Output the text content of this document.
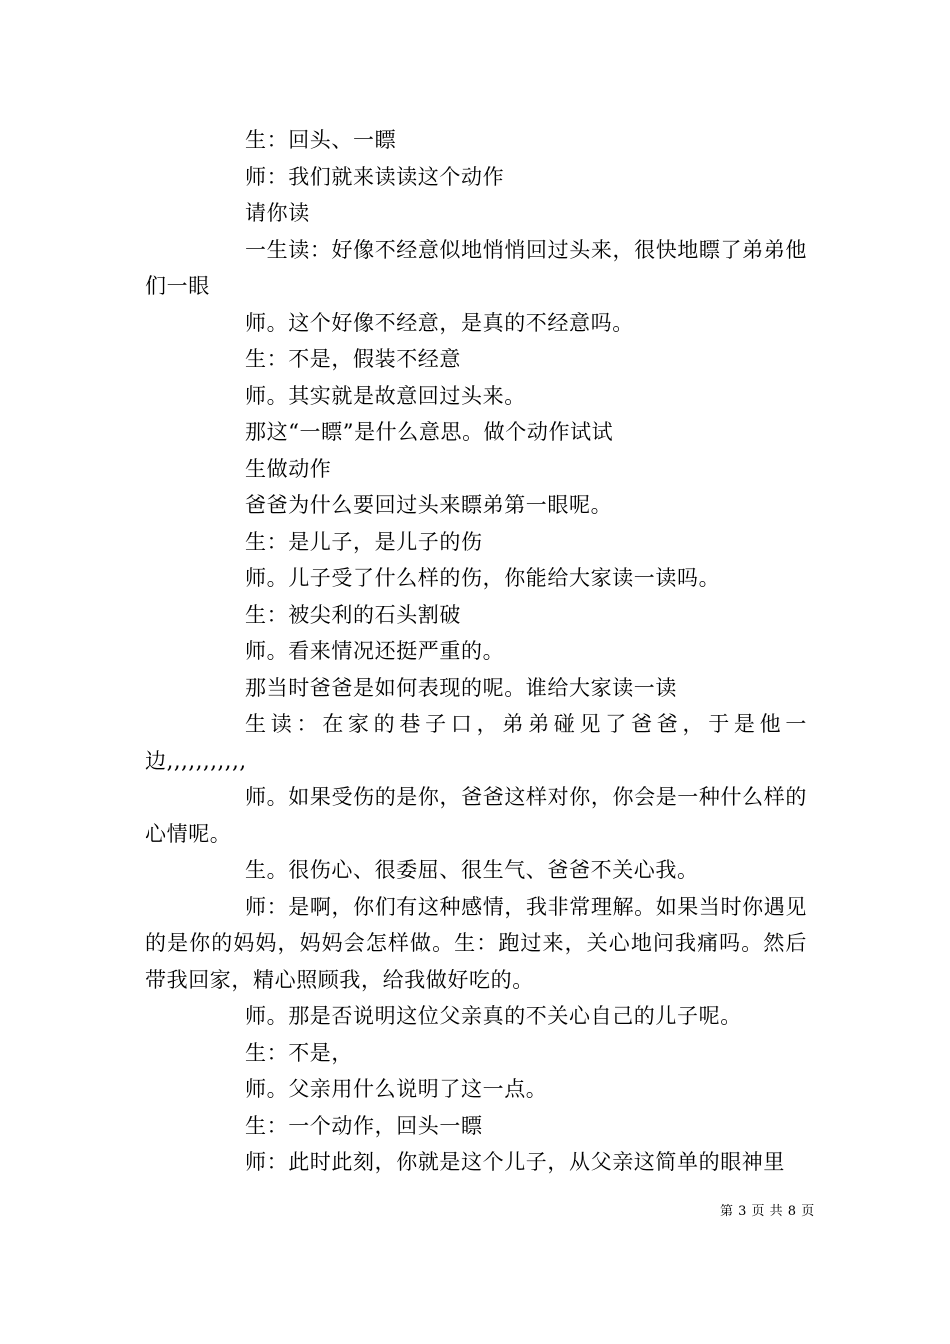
生：回头、一瞟

师：我们就来读读这个动作

请你读

一生读：好像不经意似地悄悄回过头来，很快地瞟了弟弟他们一眼

师。这个好像不经意，是真的不经意吗。

生：不是，假装不经意

师。其实就是故意回过头来。

那这“一瞟”是什么意思。做个动作试试

生做动作

爸爸为什么要回过头来瞟弟第一眼呢。

生：是儿子，是儿子的伤

师。儿子受了什么样的伤，你能给大家读一读吗。

生：被尖利的石头割破

师。看来情况还挺严重的。

那当时爸爸是如何表现的呢。谁给大家读一读

生读：在家的巷子口，弟弟碰见了爸爸，于是他一边,,,,,,,,,,,

师。如果受伤的是你，爸爸这样对你，你会是一种什么样的心情呢。

生。很伤心、很委屈、很生气、爸爸不关心我。

师：是啊，你们有这种感情，我非常理解。如果当时你遇见的是你的妈妈，妈妈会怎样做。生：跑过来，关心地问我痛吗。然后带我回家，精心照顾我，给我做好吃的。

师。那是否说明这位父亲真的不关心自己的儿子呢。

生：不是，

师。父亲用什么说明了这一点。

生：一个动作，回头一瞟

师：此时此刻，你就是这个儿子，从父亲这简单的眼神里

第 3 页 共 8 页
